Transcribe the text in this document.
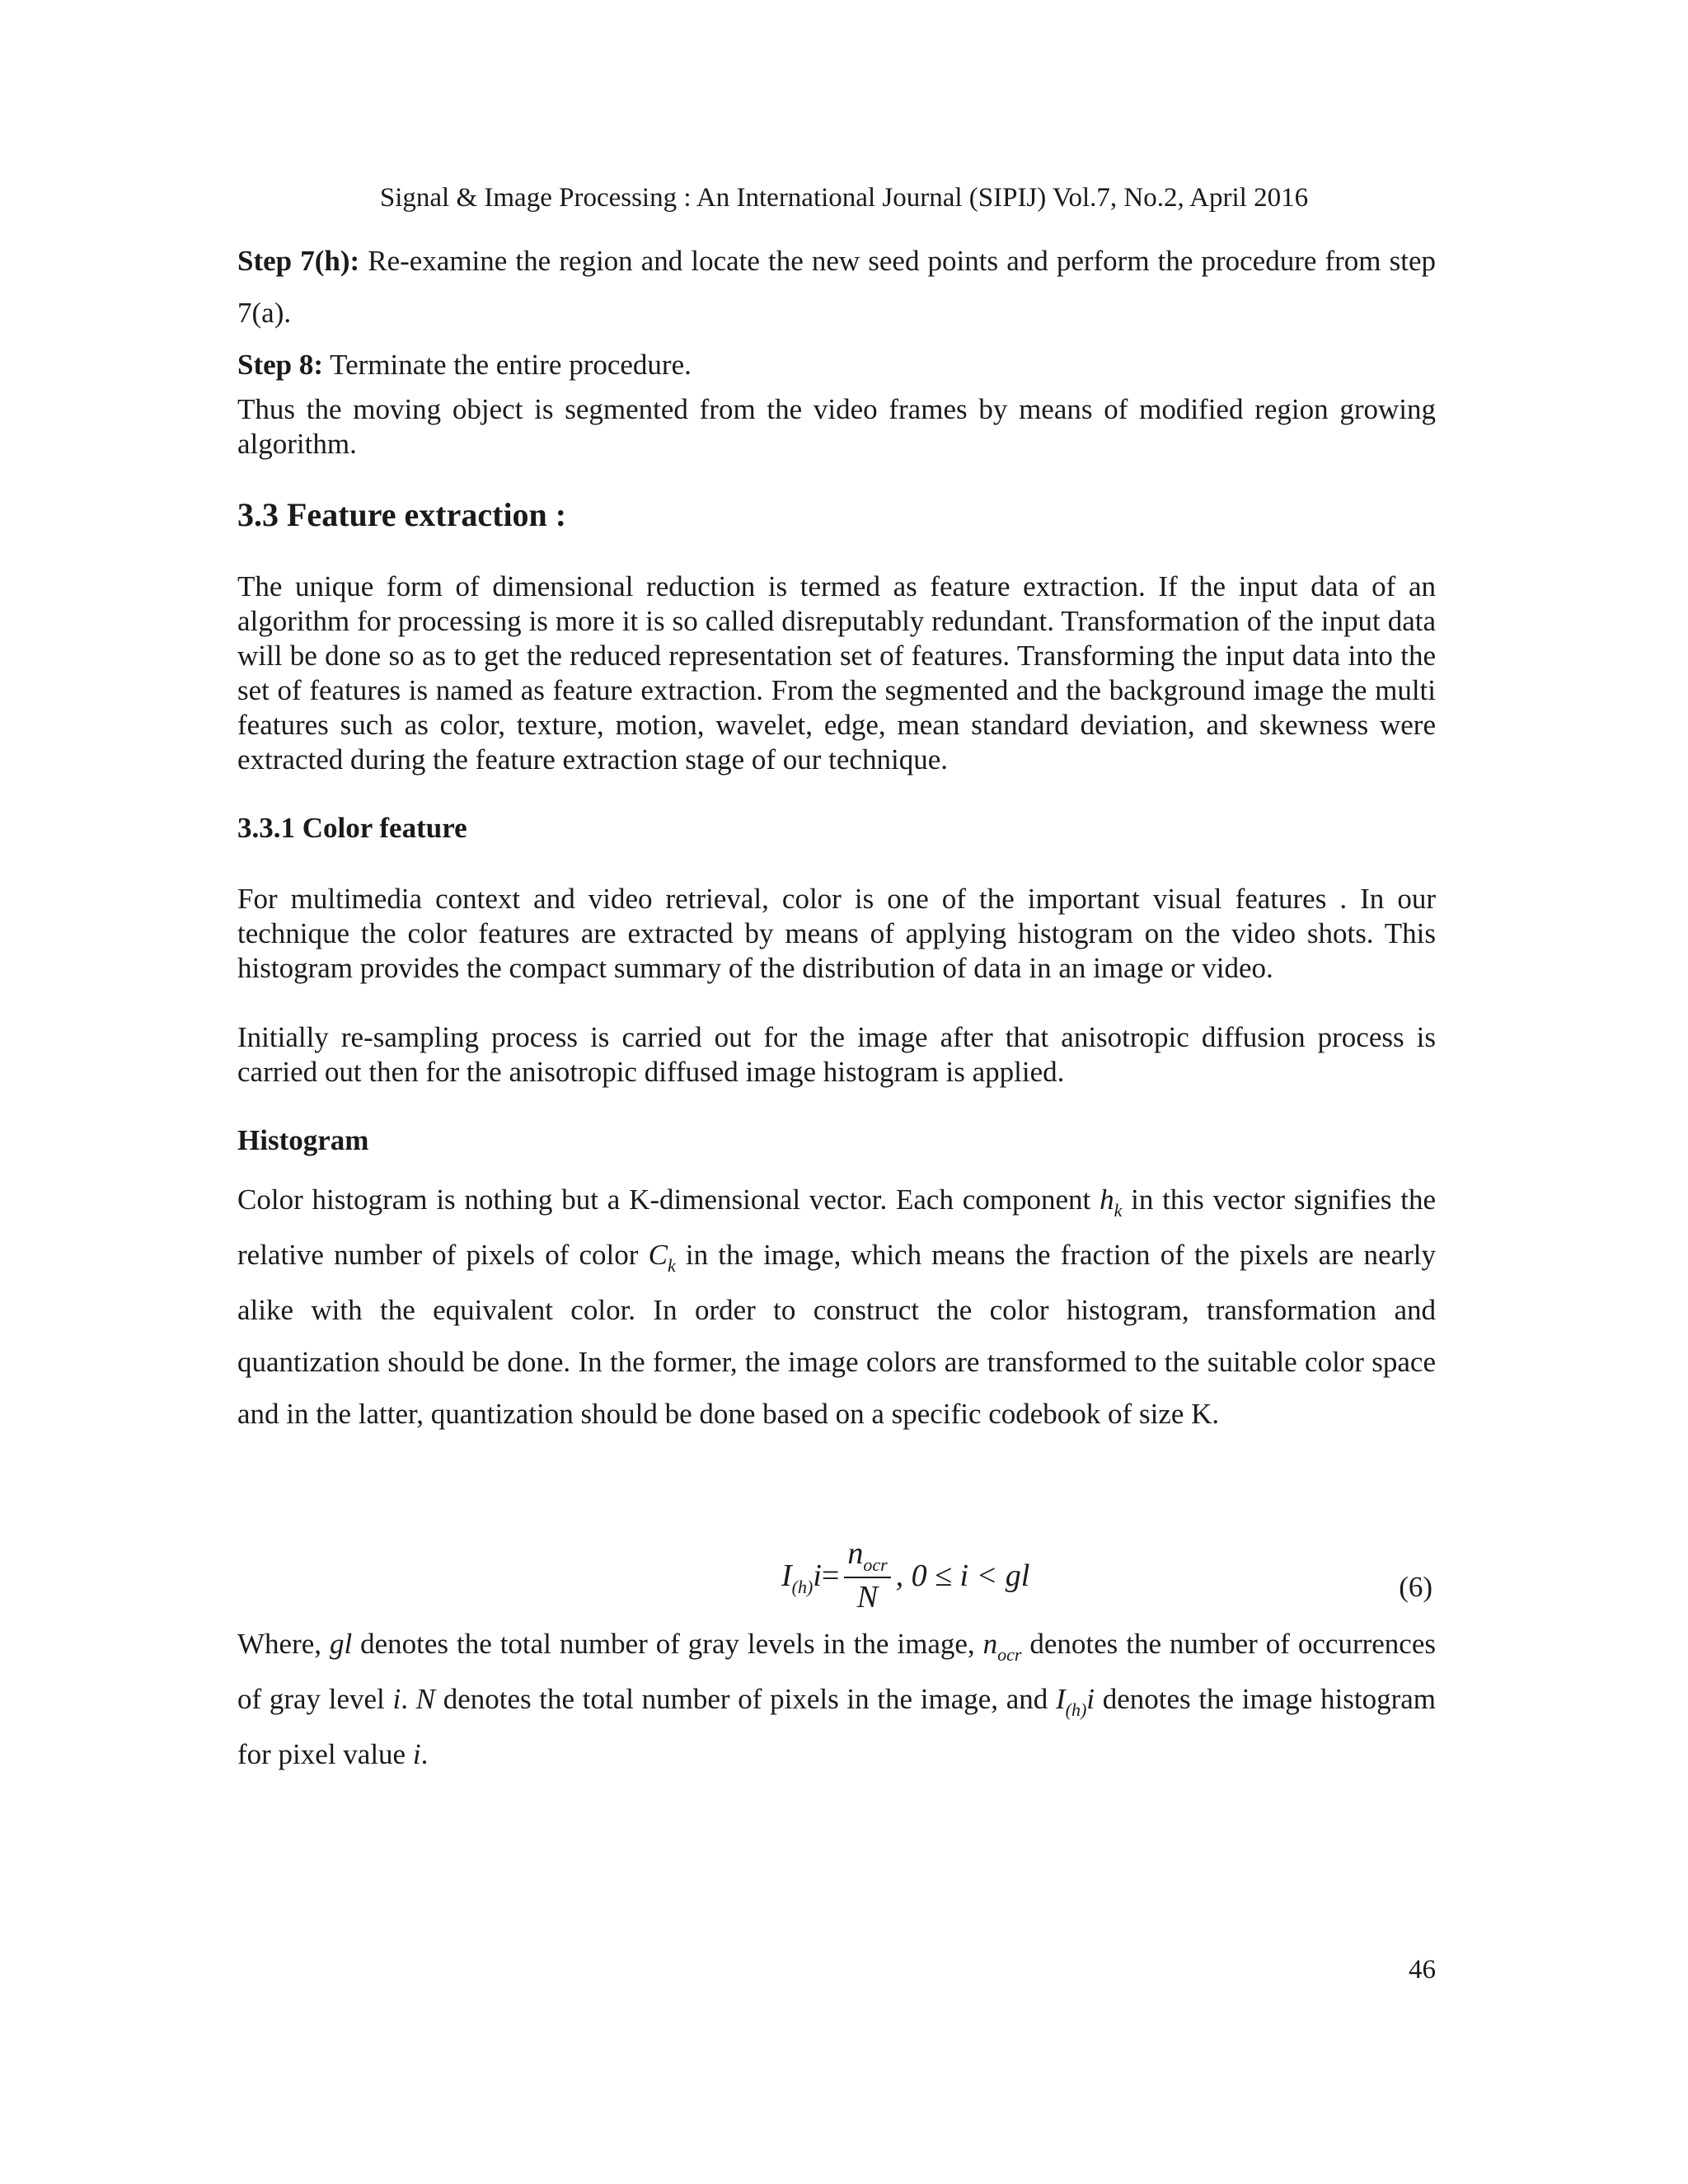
Signal & Image Processing : An International Journal (SIPIJ) Vol.7, No.2, April 2016
Step 7(h): Re-examine the region and locate the new seed points and perform the procedure from step 7(a).
Step 8: Terminate the entire procedure.
Thus the moving object is segmented from the video frames by means of modified region growing algorithm.
3.3 Feature extraction :
The unique form of dimensional reduction is termed as feature extraction. If the input data of an algorithm for processing is more it is so called disreputably redundant. Transformation of the input data will be done so as to get the reduced representation set of features. Transforming the input data into the set of features is named as feature extraction. From the segmented and the background image the multi features such as color, texture, motion, wavelet, edge, mean standard deviation, and skewness were extracted during the feature extraction stage of our technique.
3.3.1 Color feature
For multimedia context and video retrieval, color is one of the important visual features . In our technique the color features are extracted by means of applying histogram on the video shots. This histogram provides the compact summary of the distribution of data in an image or video.
Initially re-sampling process is carried out for the image after that anisotropic diffusion process is carried out then for the anisotropic diffused image histogram is applied.
Histogram
Color histogram is nothing but a K-dimensional vector. Each component $h_k$ in this vector signifies the relative number of pixels of color $C_k$ in the image, which means the fraction of the pixels are nearly alike with the equivalent color. In order to construct the color histogram, transformation and quantization should be done. In the former, the image colors are transformed to the suitable color space and in the latter, quantization should be done based on a specific codebook of size K.
$I_{(h)}i= \frac{n_{ocr}}{N}$ , 0 ≤ i < gl	(6)
Where, gl denotes the total number of gray levels in the image, $n_{ocr}$ denotes the number of occurrences of gray level i. N denotes the total number of pixels in the image, and $I_{(h)}i$ denotes the image histogram for pixel value i.
46
